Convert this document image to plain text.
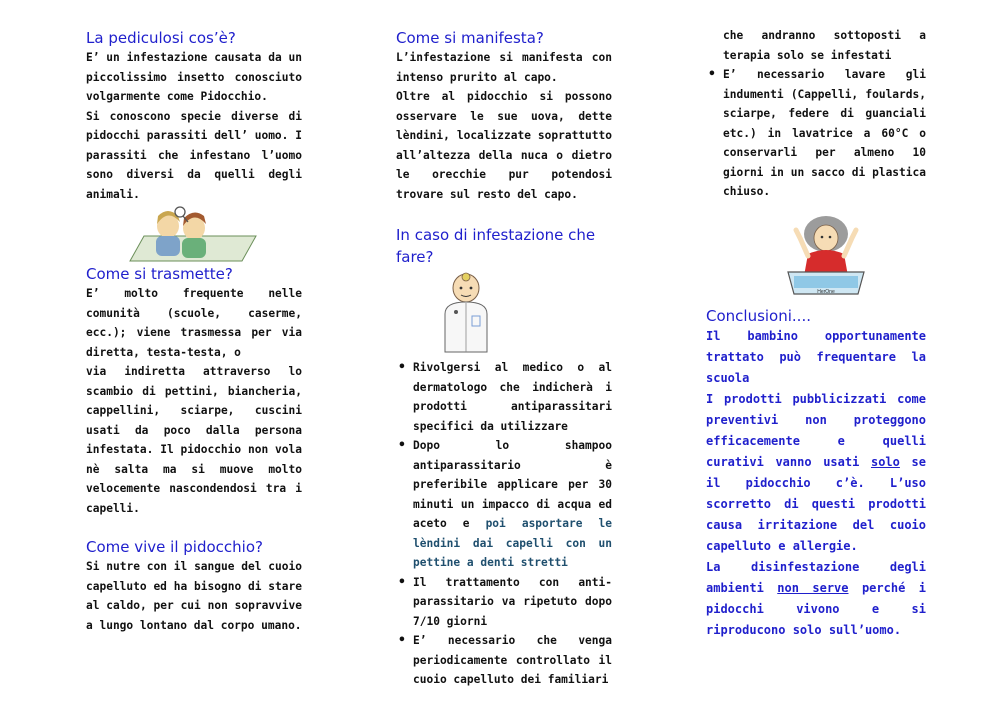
La pediculosi cos’è?

E’ un infestazione causata da un piccolissimo insetto conosciuto volgarmente come Pidocchio.

Si conoscono specie diverse di pidocchi parassiti dell’ uomo. I parassiti che infestano l’uomo sono diversi da quelli degli animali.

Come si trasmette?

E’ molto frequente nelle comunità (scuole, caserme, ecc.); viene trasmessa per via diretta, testa-testa, o

via indiretta attraverso lo scambio di pettini, biancheria, cappellini, sciarpe, cuscini usati da poco dalla persona infestata. Il pidocchio non vola nè salta ma si muove molto velocemente nascondendosi tra i capelli.

Come vive il pidocchio?

Si nutre con il sangue del cuoio capelluto ed ha bisogno di stare al caldo, per cui non sopravvive a lungo lontano dal corpo umano.

Come si manifesta?

L’infestazione si manifesta con intenso prurito al capo.

Oltre al pidocchio si possono osservare le sue uova, dette lèndini, localizzate soprattutto all’altezza della nuca o dietro le orecchie pur potendosi trovare sul resto del capo.

In caso di infestazione che fare?
• Rivolgersi al medico o al dermatologo che indicherà i prodotti antiparassitari specifici da utilizzare
• Dopo lo shampoo antiparassitario è preferibile applicare per 30 minuti un impacco di acqua ed aceto e poi asportare le lèndini dai capelli con un pettine a denti stretti
• Il trattamento con anti-parassitario va ripetuto dopo 7/10 giorni
• E’ necessario che venga periodicamente controllato il cuoio capelluto dei familiari

che andranno sottoposti a terapia solo se infestati

• E’ necessario lavare gli indumenti (Cappelli, foulards, sciarpe, federe di guanciali etc.) in lavatrice a 60°C o conservarli per almeno 10 giorni in un sacco di plastica chiuso.
HerOne
Conclusioni....

Il bambino opportunamente trattato può frequentare la scuola

I prodotti pubblicizzati come preventivi non proteggono efficacemente e quelli curativi vanno usati solo se il pidocchio c’è. L’uso scorretto di questi prodotti causa irritazione del cuoio capelluto e allergie.

La disinfestazione degli ambienti non serve perché i pidocchi vivono e si riproducono solo sull’uomo.
